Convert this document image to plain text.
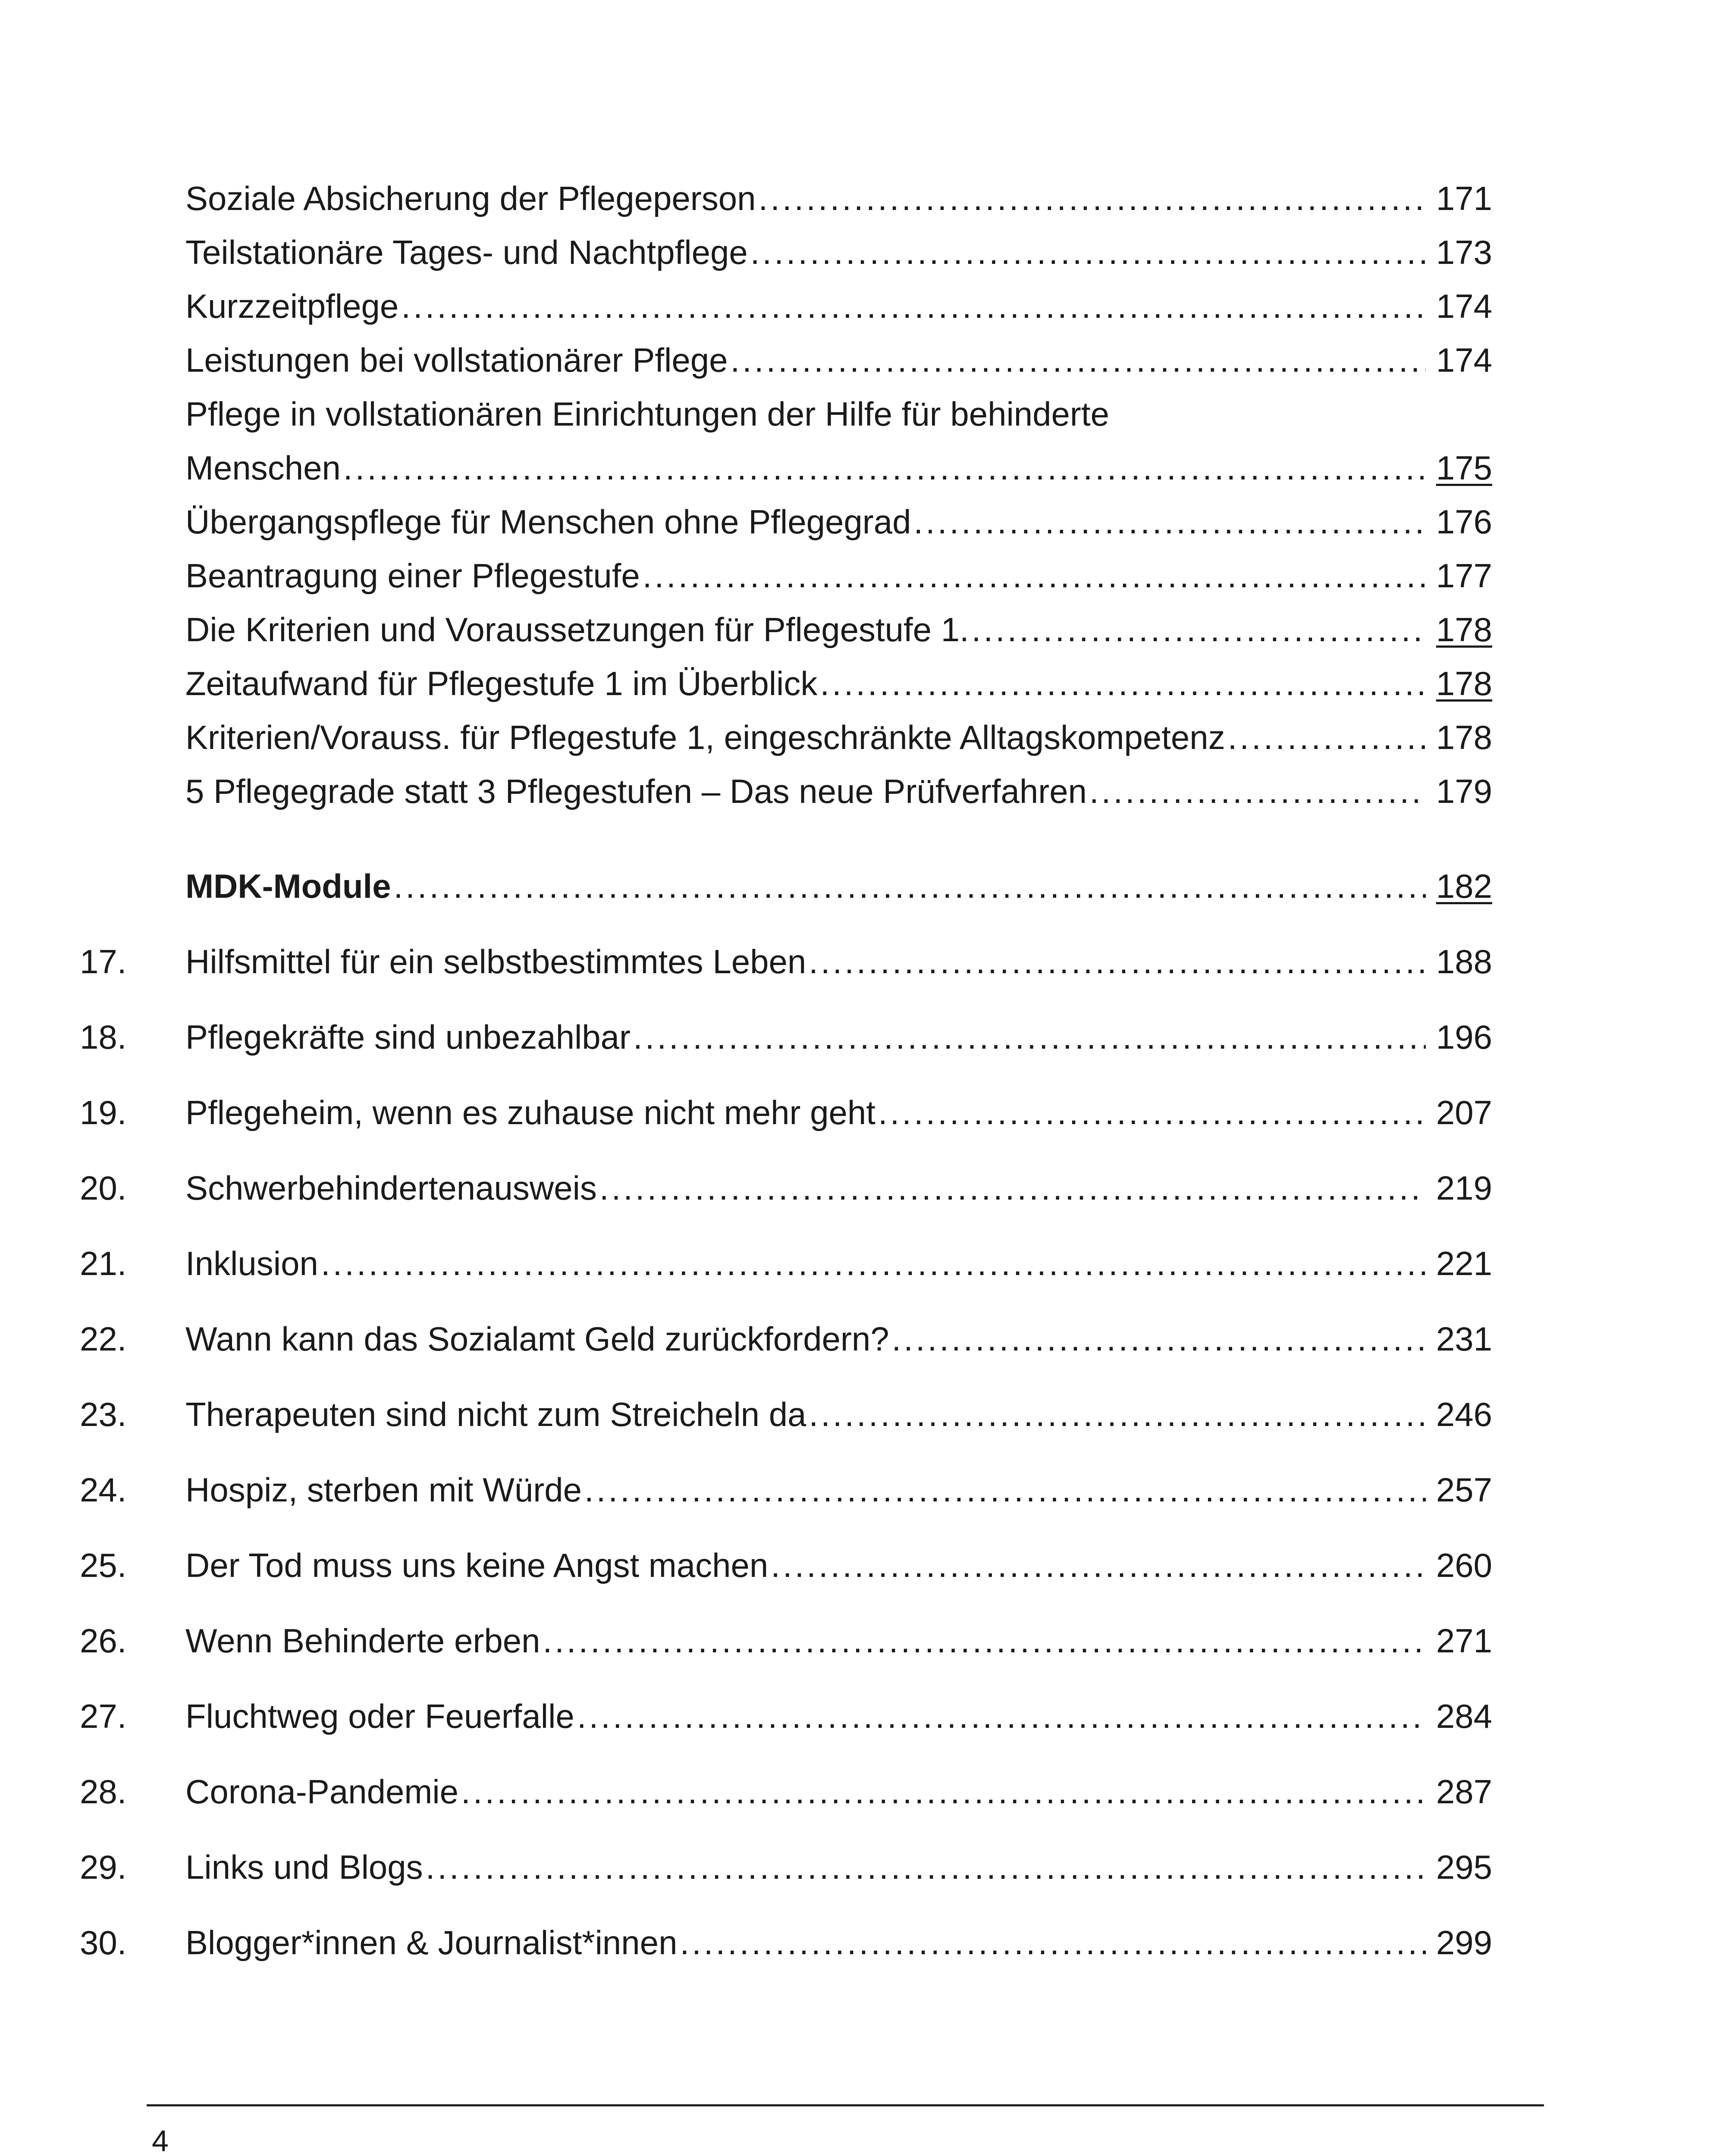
Soziale Absicherung der Pflegeperson .....	171
Teilstationäre Tages- und Nachtpflege .....	173
Kurzzeitpflege .....	174
Leistungen bei vollstationärer Pflege .....	174
Pflege in vollstationären Einrichtungen der Hilfe für behinderte
Menschen .....	175
Übergangspflege für Menschen ohne Pflegegrad .....	176
Beantragung einer Pflegestufe .....	177
Die Kriterien und Voraussetzungen für Pflegestufe 1. .....	178
Zeitaufwand für Pflegestufe 1 im Überblick .....	178
Kriterien/Vorauss. für Pflegestufe 1, eingeschränkte Alltagskompetenz .....	178
5 Pflegegrade statt 3 Pflegestufen – Das neue Prüfverfahren .....	179
MDK-Module .....	182
17.	Hilfsmittel für ein selbstbestimmtes Leben .....	188
18.	Pflegekräfte sind unbezahlbar .....	196
19.	Pflegeheim, wenn es zuhause nicht mehr geht .....	207
20.	Schwerbehindertenausweis .....	219
21.	Inklusion .....	221
22.	Wann kann das Sozialamt Geld zurückfordern? .....	231
23.	Therapeuten sind nicht zum Streicheln da .....	246
24.	Hospiz, sterben mit Würde .....	257
25.	Der Tod muss uns keine Angst machen .....	260
26.	Wenn Behinderte erben .....	271
27.	Fluchtweg oder Feuerfalle .....	284
28.	Corona-Pandemie .....	287
29.	Links und Blogs .....	295
30.	Blogger*innen & Journalist*innen .....	299
4
